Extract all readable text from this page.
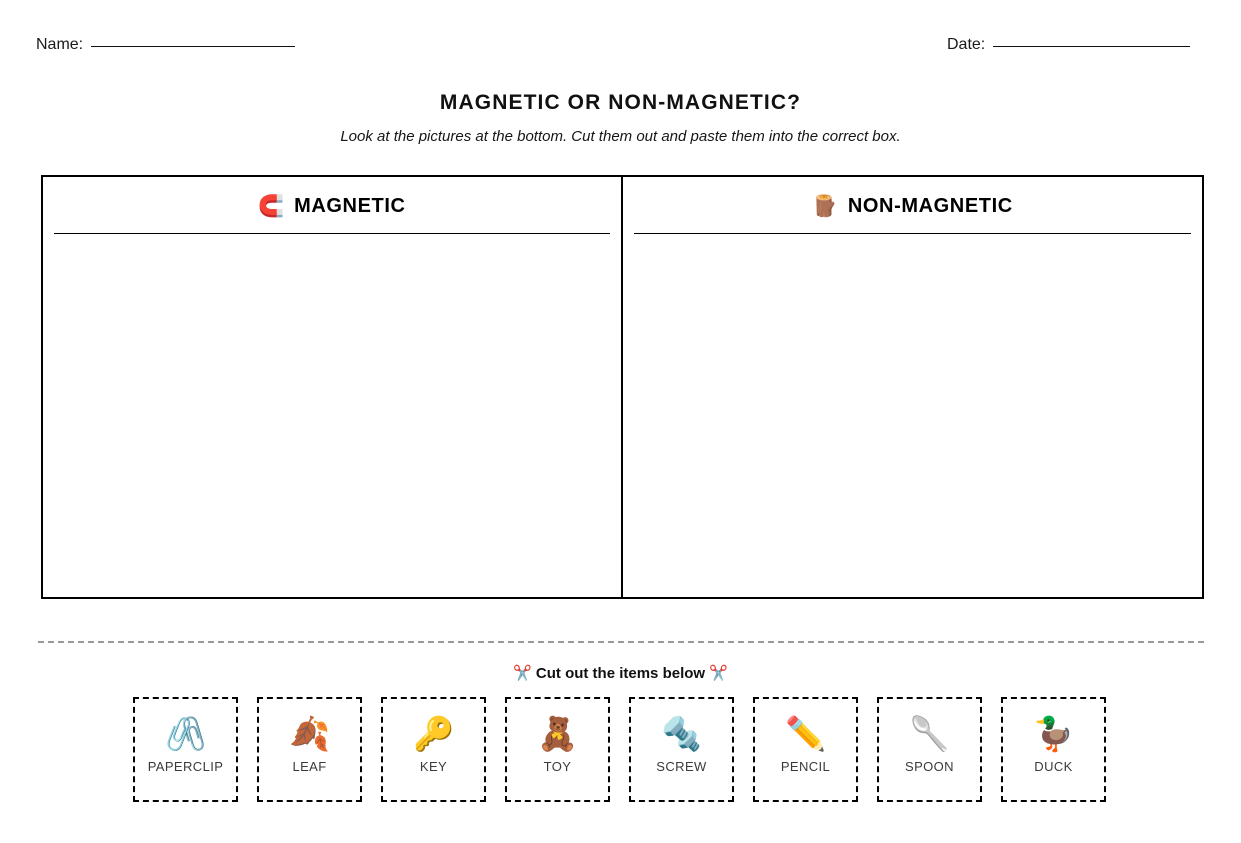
Name:	Date:
MAGNETIC OR NON-MAGNETIC?
Look at the pictures at the bottom. Cut them out and paste them into the correct box.
🧲 MAGNETIC	🪵 NON-MAGNETIC
✂️ Cut out the items below ✂️
🖇️
PAPERCLIP
🍂
LEAF
🔑
KEY
🧸
TOY
🔩
SCREW
✏️
PENCIL
🥄
SPOON
🦆
DUCK
